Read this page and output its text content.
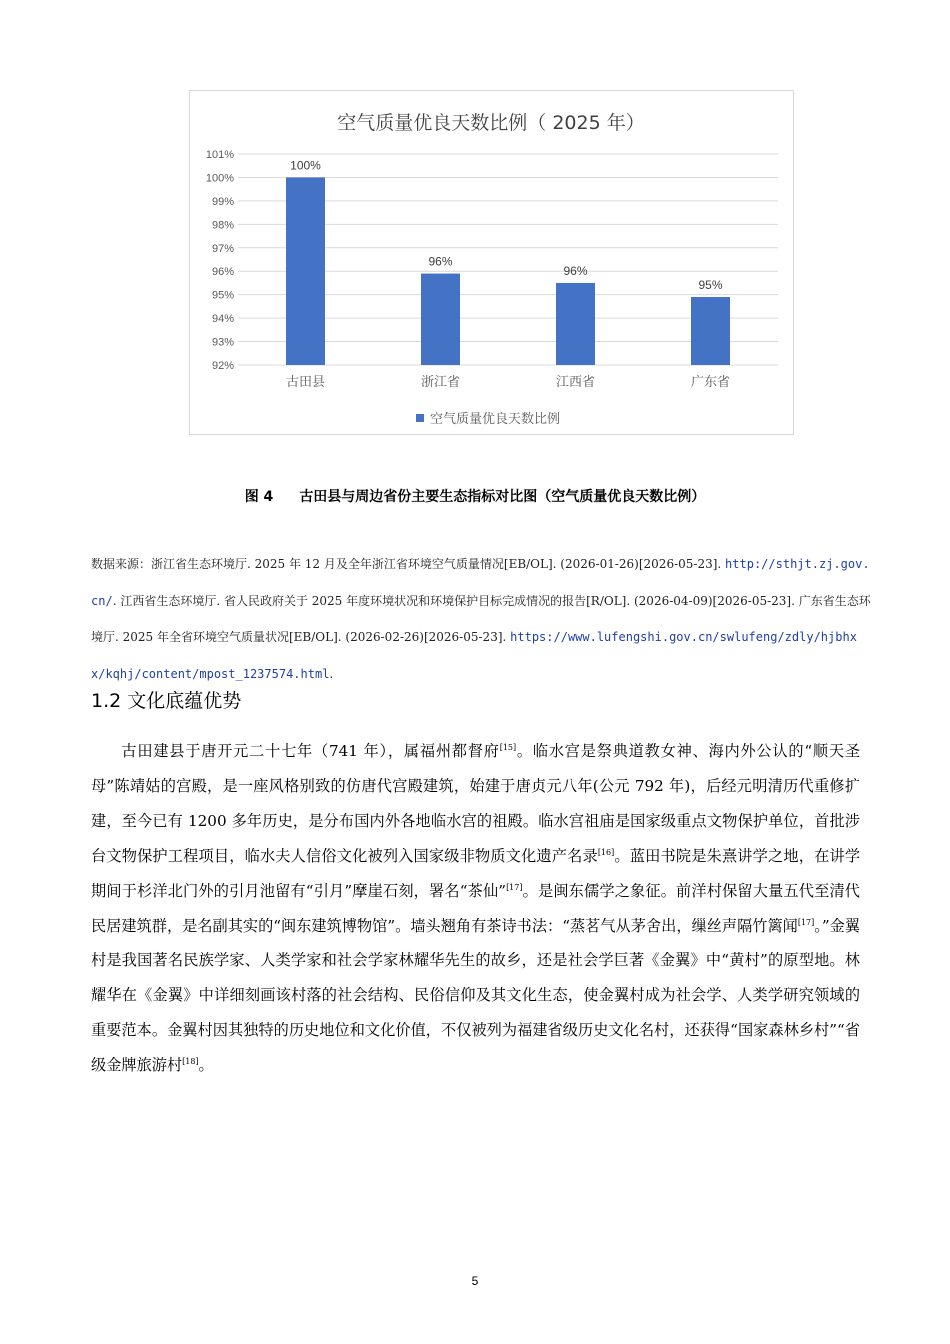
空气质量优良天数比例（ 2025 年）
92%
93%
94%
95%
96%
97%
98%
99%
100%
101%
100%
古田县
96%
浙江省
96%
江西省
95%
广东省
空气质量优良天数比例
图 4 古田县与周边省份主要生态指标对比图（空气质量优良天数比例）
数据来源：浙江省生态环境厅. 2025 年 12 月及全年浙江省环境空气质量情况[EB/OL]. (2026-01-26)[2026-05-23]. http://sthjt.zj.gov.cn/. 江西省生态环境厅. 省人民政府关于 2025 年度环境状况和环境保护目标完成情况的报告[R/OL]. (2026-04-09)[2026-05-23]. 广东省生态环境厅. 2025 年全省环境空气质量状况[EB/OL]. (2026-02-26)[2026-05-23]. https://www.lufengshi.gov.cn/swlufeng/zdly/hjbhxx/kqhj/content/mpost_1237574.html.
1.2 文化底蕴优势

古田建县于唐开元二十七年（741 年），属福州都督府[15]。临水宫是祭典道教女神、海内外公认的“顺天圣母”陈靖姑的宫殿，是一座风格别致的仿唐代宫殿建筑，始建于唐贞元八年(公元 792 年)，后经元明清历代重修扩建，至今已有 1200 多年历史，是分布国内外各地临水宫的祖殿。临水宫祖庙是国家级重点文物保护单位，首批涉台文物保护工程项目，临水夫人信俗文化被列入国家级非物质文化遗产名录[16]。蓝田书院是朱熹讲学之地，在讲学期间于杉洋北门外的引月池留有“引月”摩崖石刻，署名“茶仙”[17]。是闽东儒学之象征。前洋村保留大量五代至清代民居建筑群，是名副其实的“闽东建筑博物馆”。墙头翘角有茶诗书法：“蒸茗气从茅舍出，缫丝声隔竹篱闻[17]。”金翼村是我国著名民族学家、人类学家和社会学家林耀华先生的故乡，还是社会学巨著《金翼》中“黄村”的原型地。林耀华在《金翼》中详细刻画该村落的社会结构、民俗信仰及其文化生态，使金翼村成为社会学、人类学研究领域的重要范本。金翼村因其独特的历史地位和文化价值，不仅被列为福建省级历史文化名村，还获得“国家森林乡村”“省级金牌旅游村[18]。

5
